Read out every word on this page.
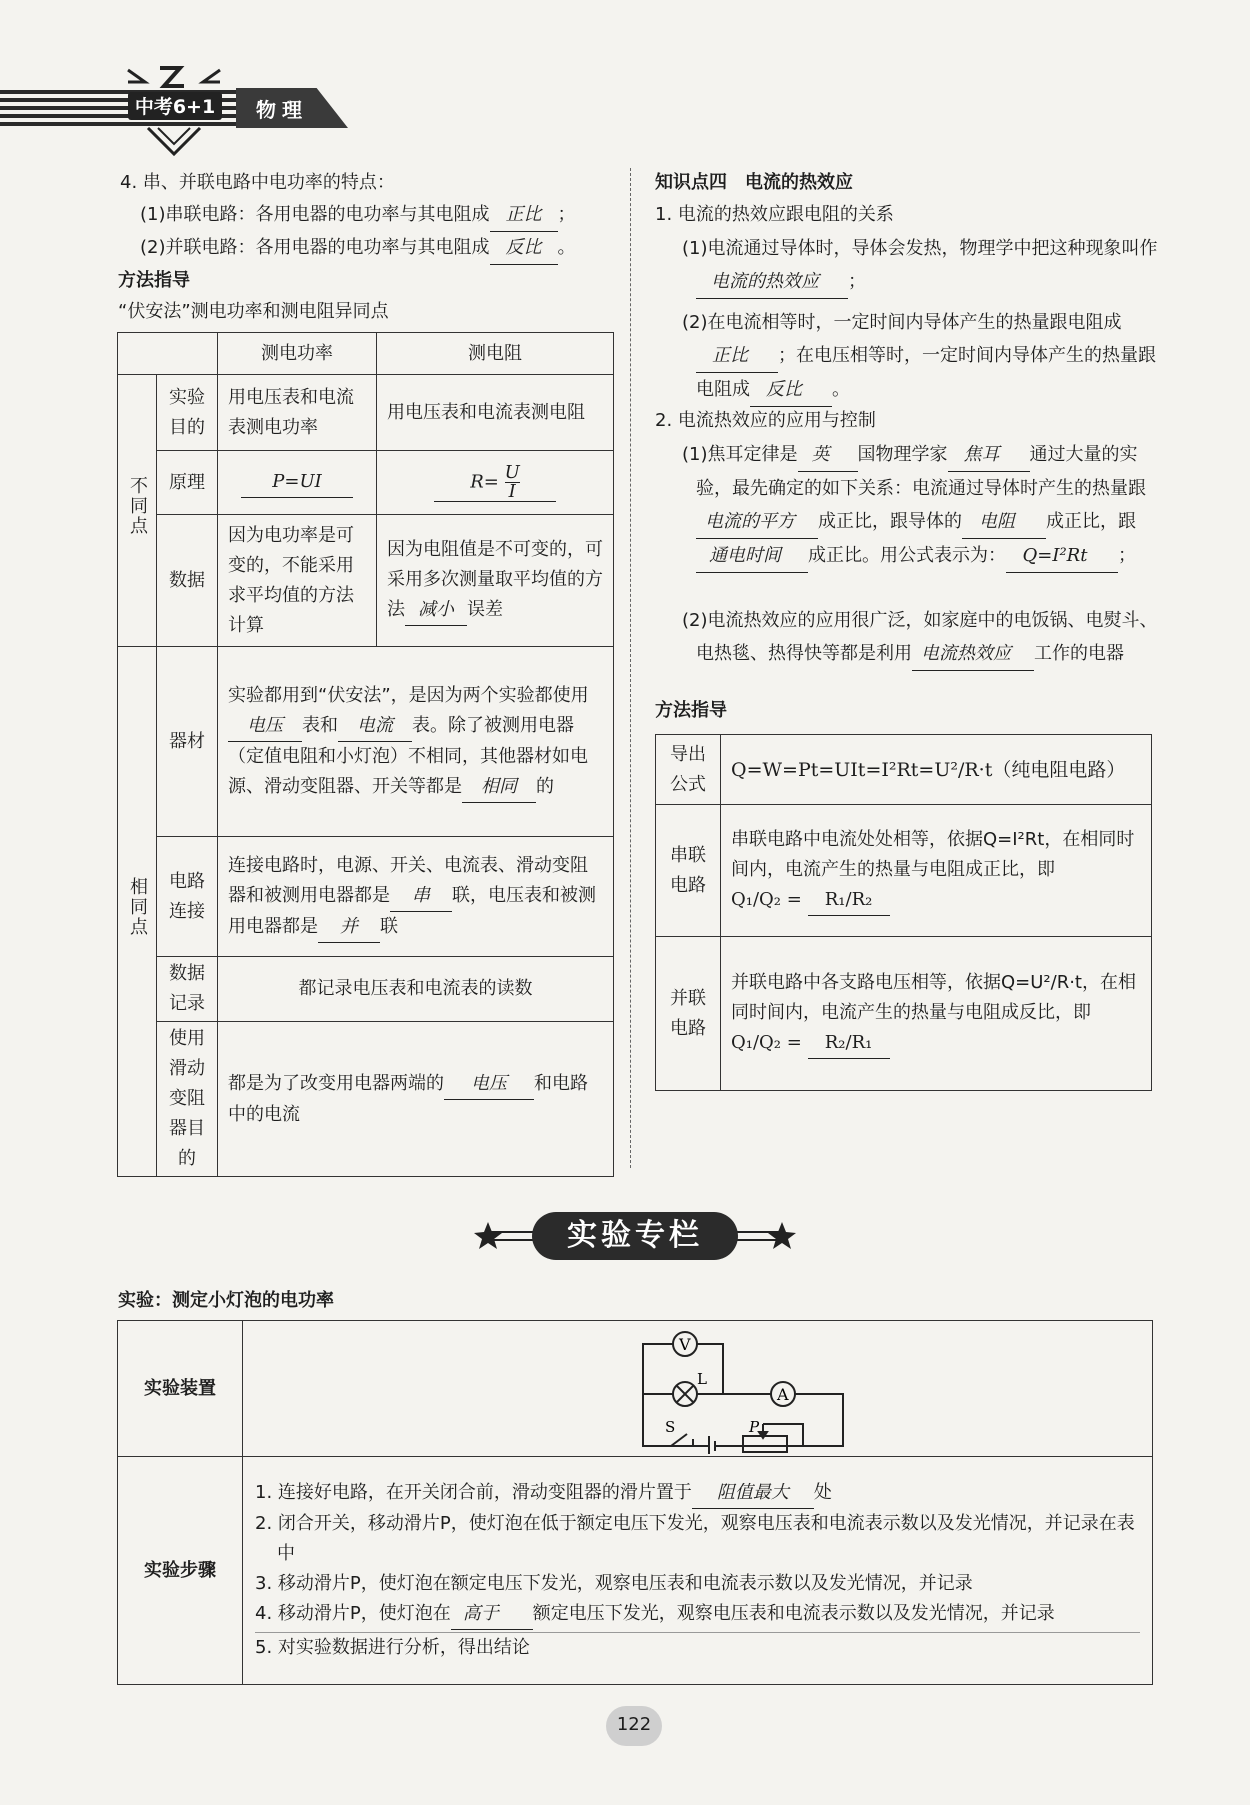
中考6+1 物理
4. 串、并联电路中电功率的特点：
(1)串联电路：各用电器的电功率与其电阻成 正比 ；
(2)并联电路：各用电器的电功率与其电阻成 反比 。
方法指导
“伏安法”测电功率和测电阻异同点
		测电功率	测电阻
不同点	实验目的	用电压表和电流表测电功率	用电压表和电流表测电阻
	原理	P=UI	$R= \frac{U}{I}$

	数据	因为电功率是可变的，不能采用求平均值的方法计算	因为电阻值是不可变的，可采用多次测量取平均值的方法 减小 误差
相同点	器材	实验都用到“伏安法”，是因为两个实验都使用电压 表和 电流 表。除了被测用电器（定值电阻和小灯泡）不相同，其他器材如电源、滑动变阻器、开关等都是 相同 的	
	电路连接	连接电路时，电源、开关、电流表、滑动变阻器和被测用电器都是 串 联，电压表和被测用电器都是 并 联	
	数据记录	都记录电压表和电流表的读数	
	使用滑动变阻器目的	都是为了改变用电器两端的 电压 和电路中的电流	
知识点四　电流的热效应
1. 电流的热效应跟电阻的关系
(1)电流通过导体时，导体会发热，物理学中把这种现象叫作电流的热效应 ；
(2)在电流相等时，一定时间内导体产生的热量跟电阻成正比 ；在电压相等时，一定时间内导体产生的热量跟电阻成 反比 。
2. 电流热效应的应用与控制
(1)焦耳定律是 英 国物理学家 焦耳 通过大量的实验，最先确定的如下关系：电流通过导体时产生的热量跟电流的平方 成正比，跟导体的 电阻 成正比，跟通电时间 成正比。用公式表示为： Q=I²Rt ；
(2)电流热效应的应用很广泛，如家庭中的电饭锅、电熨斗、电热毯、热得快等都是利用 电流热效应 工作的电器
方法指导
导出公式	Q=W=Pt=UIt=I²Rt=U²/R·t（纯电阻电路）
串联电路	串联电路中电流处处相等，依据Q=I²Rt，在相同时间内，电流产生的热量与电阻成正比，即
Q₁/Q₂ = R₁/R₂
并联电路	并联电路中各支路电压相等，依据Q=U²/R·t，在相同时间内，电流产生的热量与电阻成反比，即
Q₁/Q₂ = R₂/R₁
实验专栏
实验：测定小灯泡的电功率
实验装置	V
L
A
S P

实验步骤	1. 连接好电路，在开关闭合前，滑动变阻器的滑片置于 阻值最大 处
2. 闭合开关，移动滑片P，使灯泡在低于额定电压下发光，观察电压表和电流表示数以及发光情况，并记录在表中
3. 移动滑片P，使灯泡在额定电压下发光，观察电压表和电流表示数以及发光情况，并记录
4. 移动滑片P，使灯泡在 高于 额定电压下发光，观察电压表和电流表示数以及发光情况，并记录
5. 对实验数据进行分析，得出结论
122
